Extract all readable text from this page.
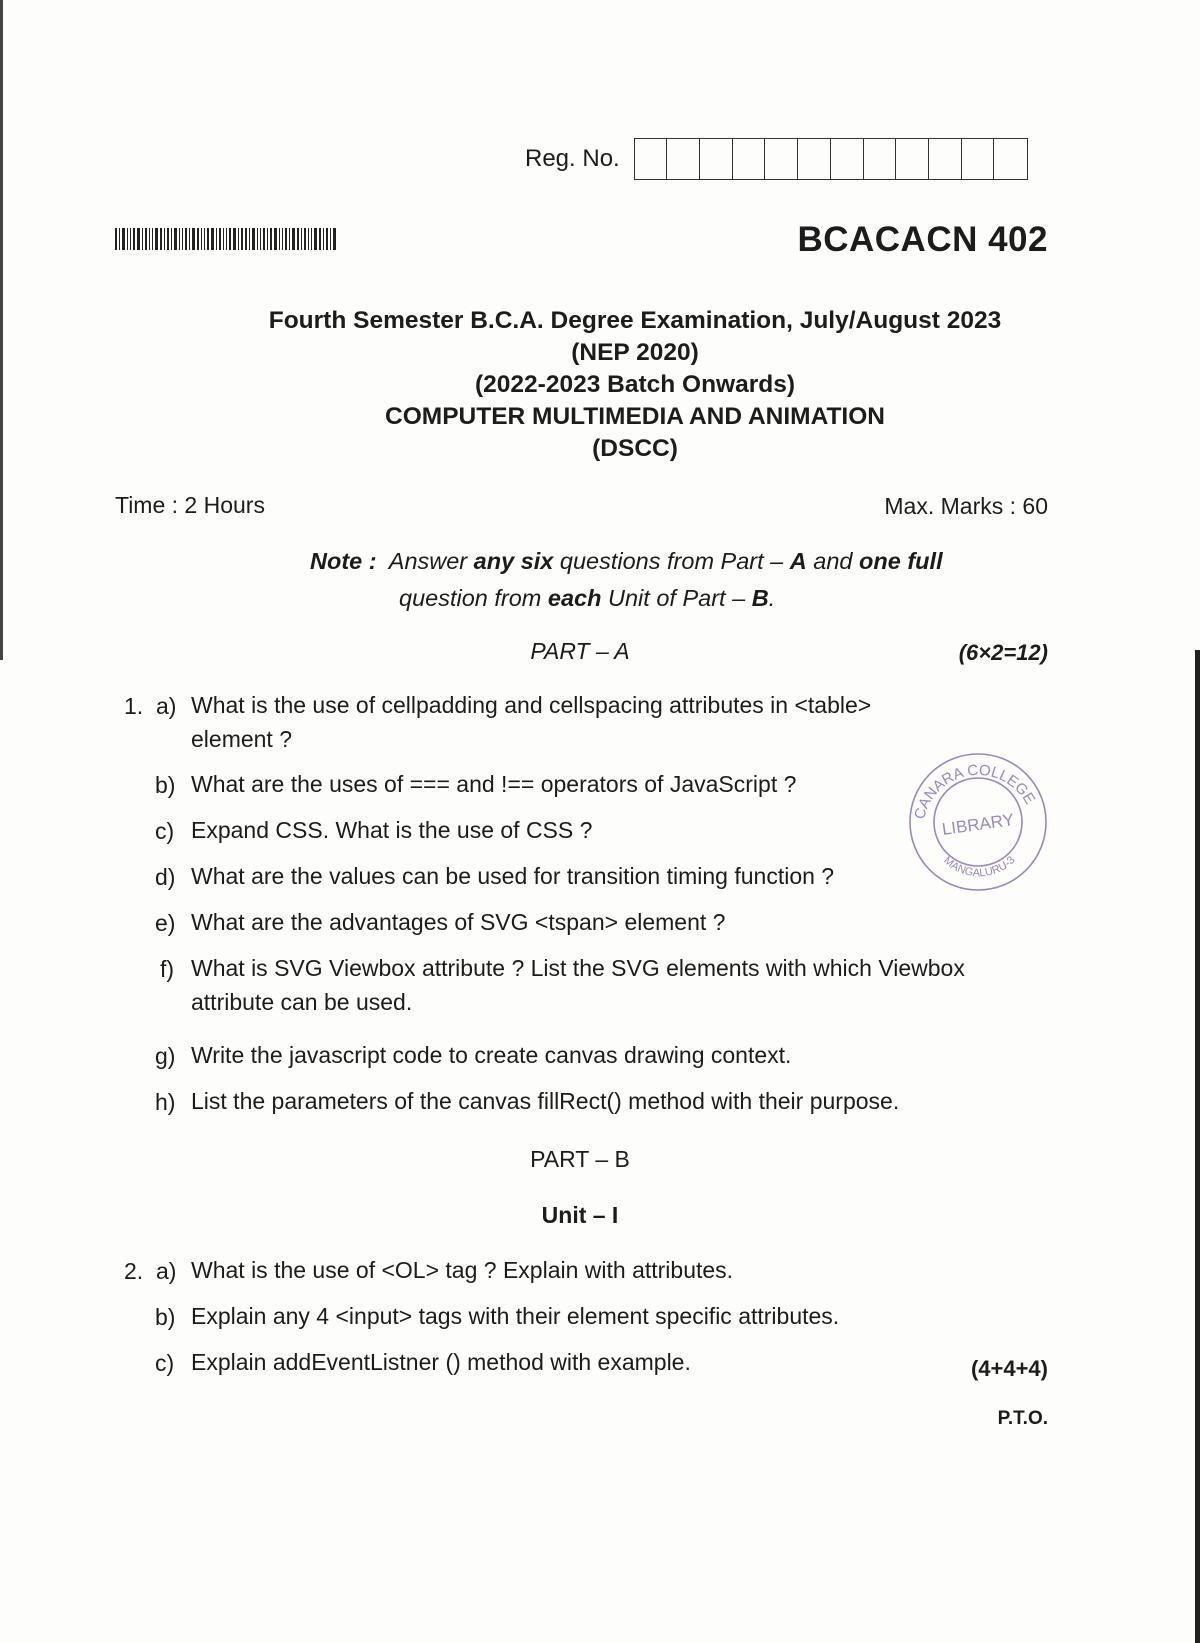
Reg. No.
BCACACN 402
Fourth Semester B.C.A. Degree Examination, July/August 2023
(NEP 2020)
(2022-2023 Batch Onwards)
COMPUTER MULTIMEDIA AND ANIMATION
(DSCC)
Time : 2 Hours	Max. Marks : 60
Note : Answer any six questions from Part – A and one full
question from each Unit of Part – B.
PART – A	(6×2=12)
1. a) What is the use of cellpadding and cellspacing attributes in <table>
element ?
b) What are the uses of === and !== operators of JavaScript ?
c) Expand CSS. What is the use of CSS ?
d) What are the values can be used for transition timing function ?
e) What are the advantages of SVG <tspan> element ?
f) What is SVG Viewbox attribute ? List the SVG elements with which Viewbox
attribute can be used.
g) Write the javascript code to create canvas drawing context.
h) List the parameters of the canvas fillRect() method with their purpose.
PART – B
Unit – I
2. a) What is the use of <OL> tag ? Explain with attributes.
b) Explain any 4 <input> tags with their element specific attributes.
c) Explain addEventListner () method with example.	(4+4+4)
P.T.O.
CANARA COLLEGE
LIBRARY
MANGALURU-3
